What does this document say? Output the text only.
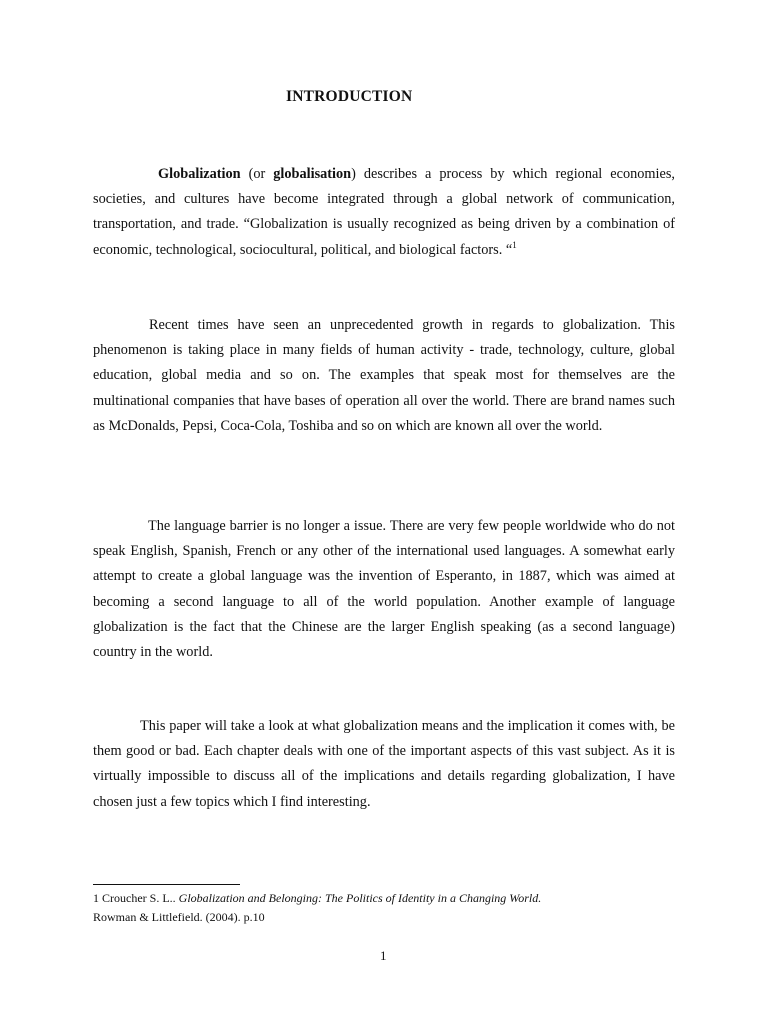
INTRODUCTION

Globalization (or globalisation) describes a process by which regional economies, societies, and cultures have become integrated through a global network of communication, transportation, and trade. “Globalization is usually recognized as being driven by a combination of economic, technological, sociocultural, political, and biological factors. “$^1$

Recent times have seen an unprecedented growth in regards to globalization. This phenomenon is taking place in many fields of human activity - trade, technology, culture, global education, global media and so on. The examples that speak most for themselves are the multinational companies that have bases of operation all over the world. There are brand names such as McDonalds, Pepsi, Coca-Cola, Toshiba and so on which are known all over the world.

The language barrier is no longer a issue. There are very few people worldwide who do not speak English, Spanish, French or any other of the international used languages. A somewhat early attempt to create a global language was the invention of Esperanto, in 1887, which was aimed at becoming a second language to all of the world population. Another example of language globalization is the fact that the Chinese are the larger English speaking (as a second language) country in the world.

This paper will take a look at what globalization means and the implication it comes with, be them good or bad. Each chapter deals with one of the important aspects of this vast subject. As it is virtually impossible to discuss all of the implications and details regarding globalization, I have chosen just a few topics which I find interesting.

1 Croucher S. L.. Globalization and Belonging: The Politics of Identity in a Changing World.
Rowman & Littlefield. (2004). p.10

1
